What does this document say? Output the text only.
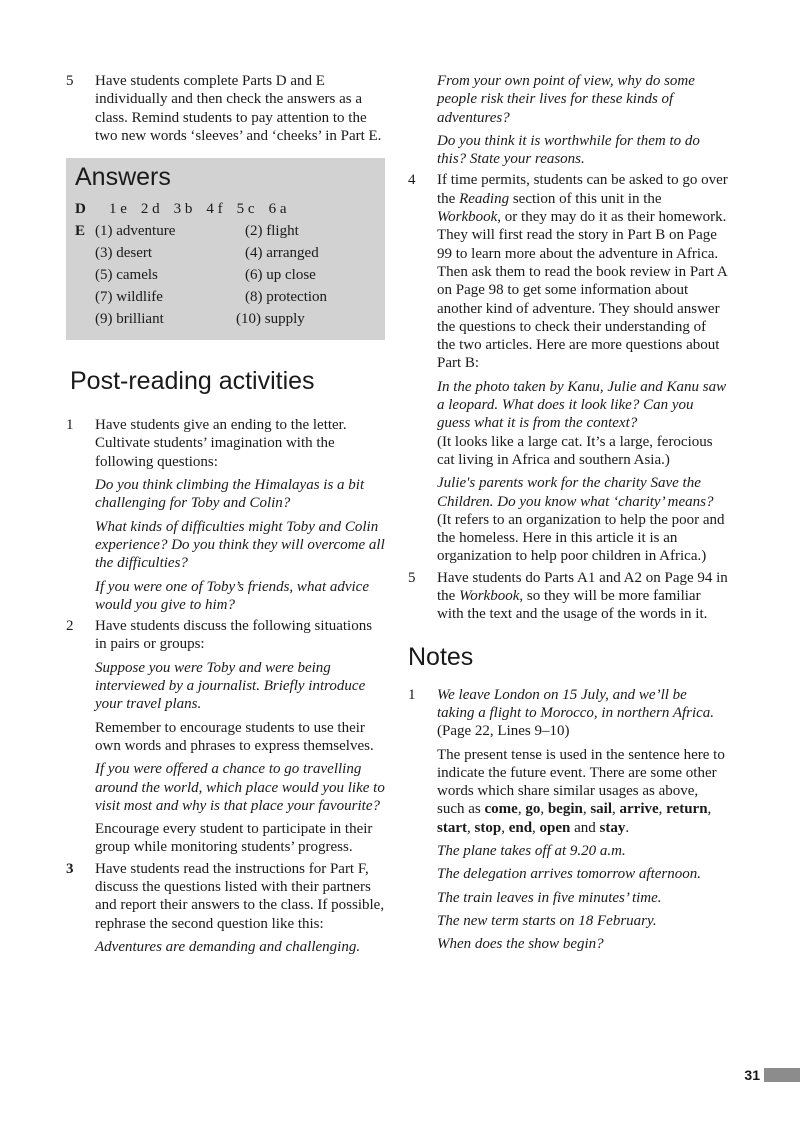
5	Have students complete Parts D and E individually and then check the answers as a class. Remind students to pay attention to the two new words ‘sleeves’ and ‘cheeks’ in Part E.

Answers
D	1 e 2 d 3 b 4 f 5 c 6 a
E (1) adventure	(2) flight
(3) desert	(4) arranged
(5) camels	(6) up close
(7) wildlife	(8) protection
(9) brilliant	(10) supply
Post-reading activities
1	Have students give an ending to the letter. Cultivate students’ imagination with the following questions:

Do you think climbing the Himalayas is a bit challenging for Toby and Colin?

What kinds of difficulties might Toby and Colin experience? Do you think they will overcome all the difficulties?

If you were one of Toby’s friends, what advice would you give to him?

2	Have students discuss the following situations in pairs or groups:

Suppose you were Toby and were being interviewed by a journalist. Briefly introduce your travel plans.

Remember to encourage students to use their own words and phrases to express themselves.

If you were offered a chance to go travelling around the world, which place would you like to visit most and why is that place your favourite?

Encourage every student to participate in their group while monitoring students’ progress.

3	Have students read the instructions for Part F, discuss the questions listed with their partners and report their answers to the class. If possible, rephrase the second question like this:

Adventures are demanding and challenging.

From your own point of view, why do some people risk their lives for these kinds of adventures?

Do you think it is worthwhile for them to do this? State your reasons.

4	If time permits, students can be asked to go over the Reading section of this unit in the Workbook, or they may do it as their homework. They will first read the story in Part B on Page 99 to learn more about the adventure in Africa. Then ask them to read the book review in Part A on Page 98 to get some information about another kind of adventure. They should answer the questions to check their understanding of the two articles. Here are more questions about Part B:

In the photo taken by Kanu, Julie and Kanu saw a leopard. What does it look like? Can you guess what it is from the context?

(It looks like a large cat. It’s a large, ferocious cat living in Africa and southern Asia.)

Julie's parents work for the charity Save the Children. Do you know what ‘charity’ means? (It refers to an organization to help the poor and the homeless. Here in this article it is an organization to help poor children in Africa.)

5	Have students do Parts A1 and A2 on Page 94 in the Workbook, so they will be more familiar with the text and the usage of the words in it.

Notes
1	We leave London on 15 July, and we’ll be taking a flight to Morocco, in northern Africa. (Page 22, Lines 9–10)

The present tense is used in the sentence here to indicate the future event. There are some other words which share similar usages as above, such as come, go, begin, sail, arrive, return, start, stop, end, open and stay.

The plane takes off at 9.20 a.m.

The delegation arrives tomorrow afternoon.

The train leaves in five minutes’ time.

The new term starts on 18 February.

When does the show begin?

31
